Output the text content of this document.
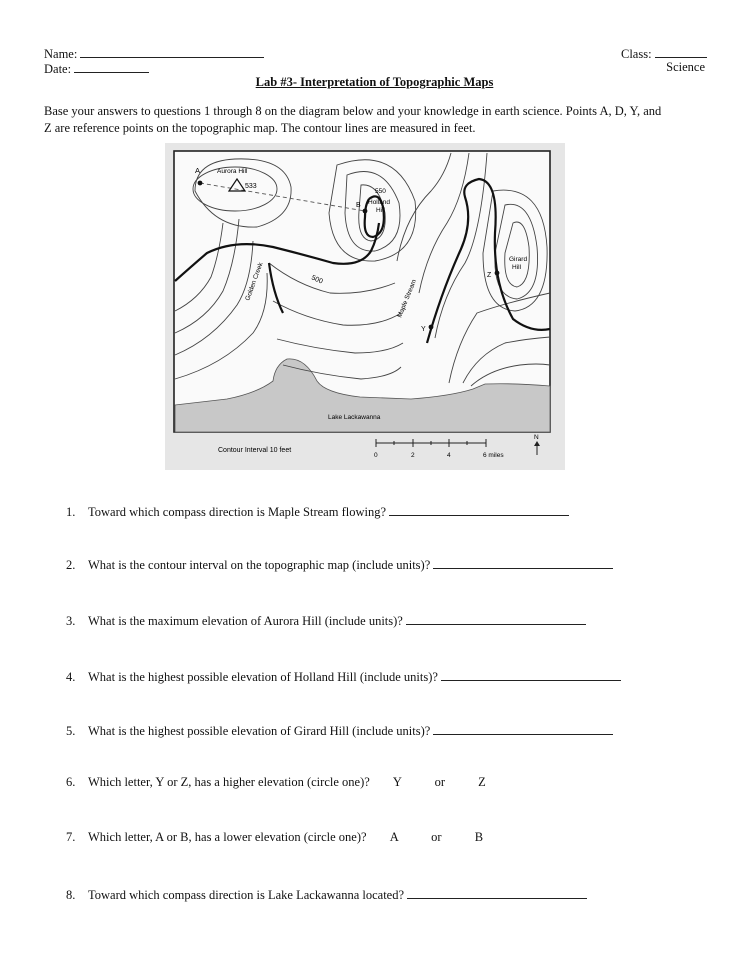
Name:
Date:
Class:
Science
Lab #3- Interpretation of Topographic Maps
Base your answers to questions 1 through 8 on the diagram below and your knowledge in earth science. Points A, D, Y, and
Z are reference points on the topographic map. The contour lines are measured in feet.
Aurora Hill
533
550
Holland
Hill
Girard
Hill
500
Golden Creek	Maple Stream
Lake Lackawanna
A
B
Z
Y
Contour Interval 10 feet
0	2	4	6 miles
N
1. Toward which compass direction is Maple Stream flowing?
2. What is the contour interval on the topographic map (include units)?
3. What is the maximum elevation of Aurora Hill (include units)?
4. What is the highest possible elevation of Holland Hill (include units)?
5. What is the highest possible elevation of Girard Hill (include units)?
6. Which letter, Y or Z, has a higher elevation (circle one)? Y	or	Z
7. Which letter, A or B, has a lower elevation (circle one)? A	or	B
8. Toward which compass direction is Lake Lackawanna located?
